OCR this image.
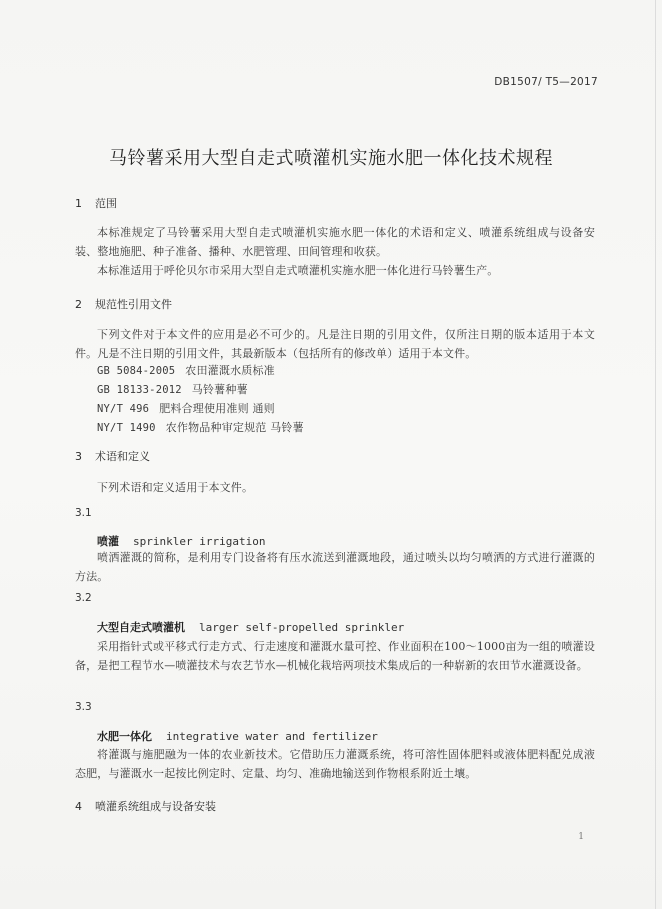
DB1507/ T5—2017
马铃薯采用大型自走式喷灌机实施水肥一体化技术规程
1 范围
本标准规定了马铃薯采用大型自走式喷灌机实施水肥一体化的术语和定义、喷灌系统组成与设备安装、整地施肥、种子准备、播种、水肥管理、田间管理和收获。
本标准适用于呼伦贝尔市采用大型自走式喷灌机实施水肥一体化进行马铃薯生产。
2 规范性引用文件
下列文件对于本文件的应用是必不可少的。凡是注日期的引用文件，仅所注日期的版本适用于本文件。凡是不注日期的引用文件，其最新版本（包括所有的修改单）适用于本文件。
GB 5084-2005 农田灌溉水质标准
GB 18133-2012 马铃薯种薯
NY/T 496 肥料合理使用准则 通则
NY/T 1490 农作物品种审定规范 马铃薯
3 术语和定义
下列术语和定义适用于本文件。
3.1
喷灌 sprinkler irrigation
喷洒灌溉的简称，是利用专门设备将有压水流送到灌溉地段，通过喷头以均匀喷洒的方式进行灌溉的方法。
3.2
大型自走式喷灌机 larger self-propelled sprinkler
采用指针式或平移式行走方式、行走速度和灌溉水量可控、作业面积在100～1000亩为一组的喷灌设备，是把工程节水—喷灌技术与农艺节水—机械化栽培两项技术集成后的一种崭新的农田节水灌溉设备。
3.3
水肥一体化 integrative water and fertilizer
将灌溉与施肥融为一体的农业新技术。它借助压力灌溉系统，将可溶性固体肥料或液体肥料配兑成液态肥，与灌溉水一起按比例定时、定量、均匀、准确地输送到作物根系附近土壤。
4 喷灌系统组成与设备安装
1
